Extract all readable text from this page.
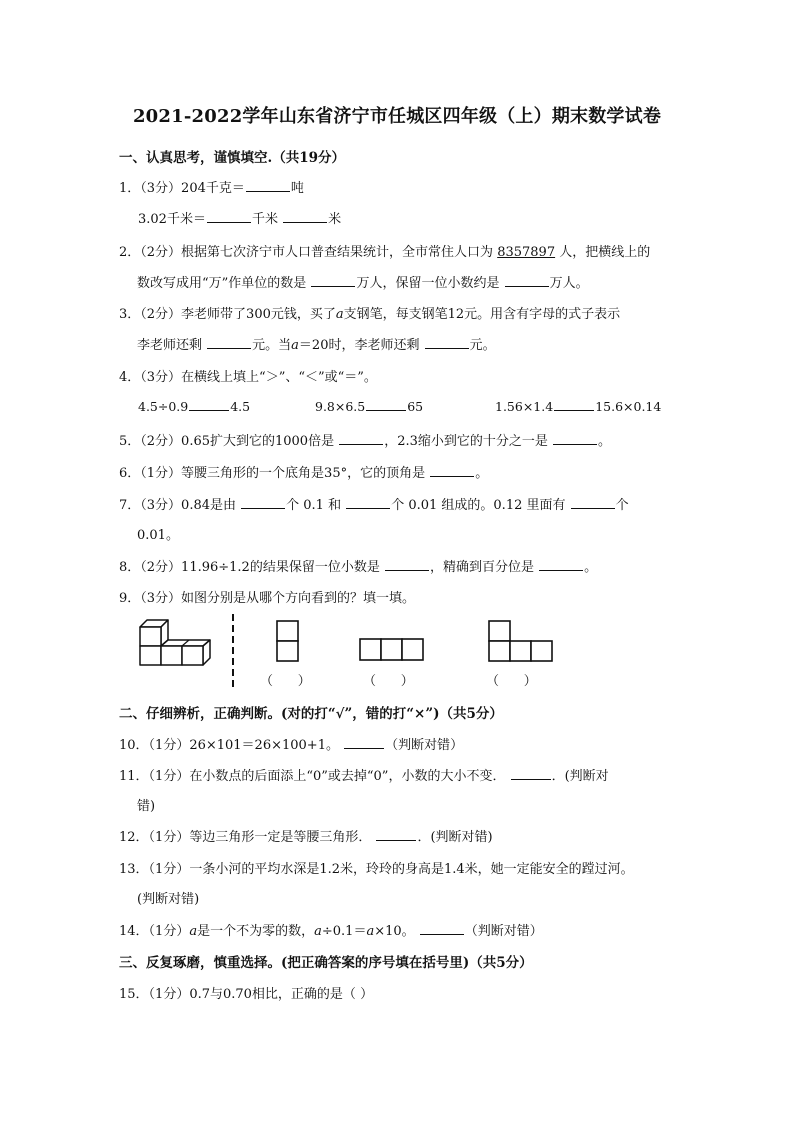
2021-2022学年山东省济宁市任城区四年级（上）期末数学试卷
一、认真思考，谨慎填空.（共19分）
1．（3分）204千克＝	吨
3.02千米＝	千米	米
2．（2分）根据第七次济宁市人口普查结果统计，全市常住人口为 8357897 人，把横线上的
数改写成用“万”作单位的数是	万人，保留一位小数约是	万人。
3．（2分）李老师带了300元钱，买了a支钢笔，每支钢笔12元。用含有字母的式子表示
李老师还剩	元。当a＝20时，李老师还剩	元。
4．（3分）在横线上填上“＞”、“＜”或“＝”。
4.5÷0.9	4.5	9.8×6.5	65	1.56×1.4	15.6×0.14
5．（2分）0.65扩大到它的1000倍是	，2.3缩小到它的十分之一是	。
6．（1分）等腰三角形的一个底角是35°，它的顶角是	。
7．（3分）0.84是由	个 0.1 和	个 0.01 组成的。0.12 里面有	个
0.01。
8．（2分）11.96÷1.2的结果保留一位小数是	，精确到百分位是	。
9．（3分）如图分别是从哪个方向看到的？填一填。
（      ）	（      ）	（      ）
二、仔细辨析，正确判断。(对的打“√”，错的打“×”)（共5分）
10．（1分）26×101＝26×100+1。	（判断对错）
11．（1分）在小数点的后面添上“0”或去掉“0”，小数的大小不变．	．(判断对
错)
12．（1分）等边三角形一定是等腰三角形．	．(判断对错)
13．（1分）一条小河的平均水深是1.2米，玲玲的身高是1.4米，她一定能安全的蹚过河。
(判断对错)
14．（1分）a是一个不为零的数，a÷0.1＝a×10。	（判断对错）
三、反复琢磨，慎重选择。(把正确答案的序号填在括号里)（共5分）
15．（1分）0.7与0.70相比，正确的是（ ）
